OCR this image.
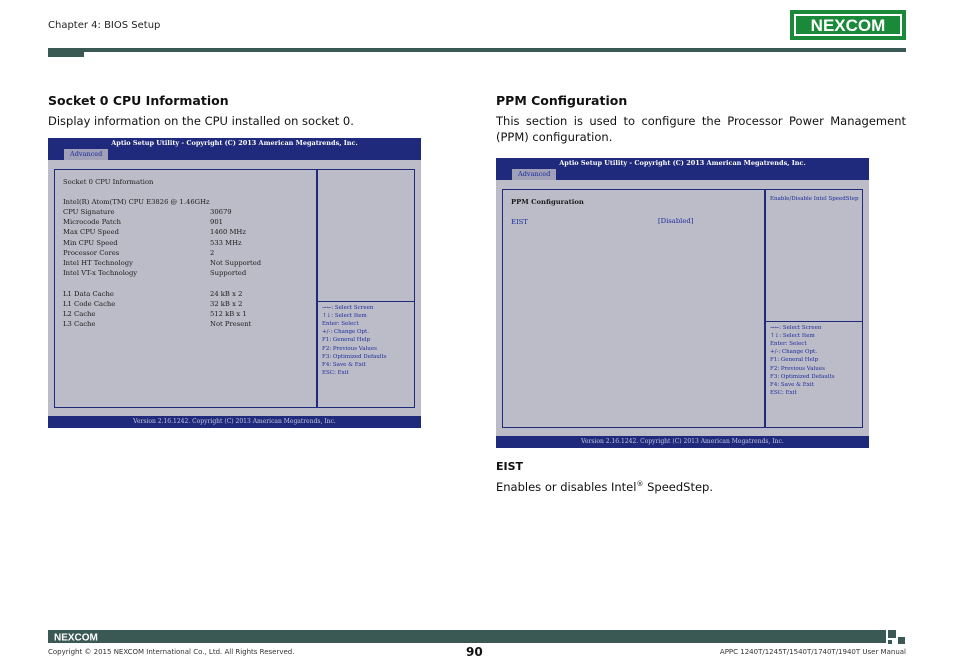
Chapter 4: BIOS Setup	NEXCOM
Socket 0 CPU Information
Display information on the CPU installed on socket 0.
Aptio Setup Utility - Copyright (C) 2013 American Megatrends, Inc.
Advanced
Socket 0 CPU Information
Intel(R) Atom(TM) CPU E3826 @ 1.46GHz
CPU Signature	30679
Microcode Patch	901
Max CPU Speed	1460 MHz
Min CPU Speed	533 MHz
Processor Cores	2
Intel HT Technology	Not Supported
Intel VT-x Technology	Supported
L1 Data Cache	24 kB x 2
L1 Code Cache	32 kB x 2
L2 Cache	512 kB x 1
L3 Cache	Not Present
→←: Select Screen
↑↓: Select Item
Enter: Select
+/-: Change Opt.
F1: General Help
F2: Previous Values
F3: Optimized Defaults
F4: Save & Exit
ESC: Exit
Version 2.16.1242. Copyright (C) 2013 American Megatrends, Inc.
PPM Configuration
This section is used to configure the Processor Power Management (PPM) configuration.
Aptio Setup Utility - Copyright (C) 2013 American Megatrends, Inc.
Advanced
PPM Configuration
EIST	[Disabled]
Enable/Disable Intel SpeedStep
→←: Select Screen
↑↓: Select Item
Enter: Select
+/-: Change Opt.
F1: General Help
F2: Previous Values
F3: Optimized Defaults
F4: Save & Exit
ESC: Exit
Version 2.16.1242. Copyright (C) 2013 American Megatrends, Inc.
EIST
Enables or disables Intel® SpeedStep.
NEXCOM
Copyright © 2015 NEXCOM International Co., Ltd. All Rights Reserved.	90	APPC 1240T/1245T/1540T/1740T/1940T User Manual
